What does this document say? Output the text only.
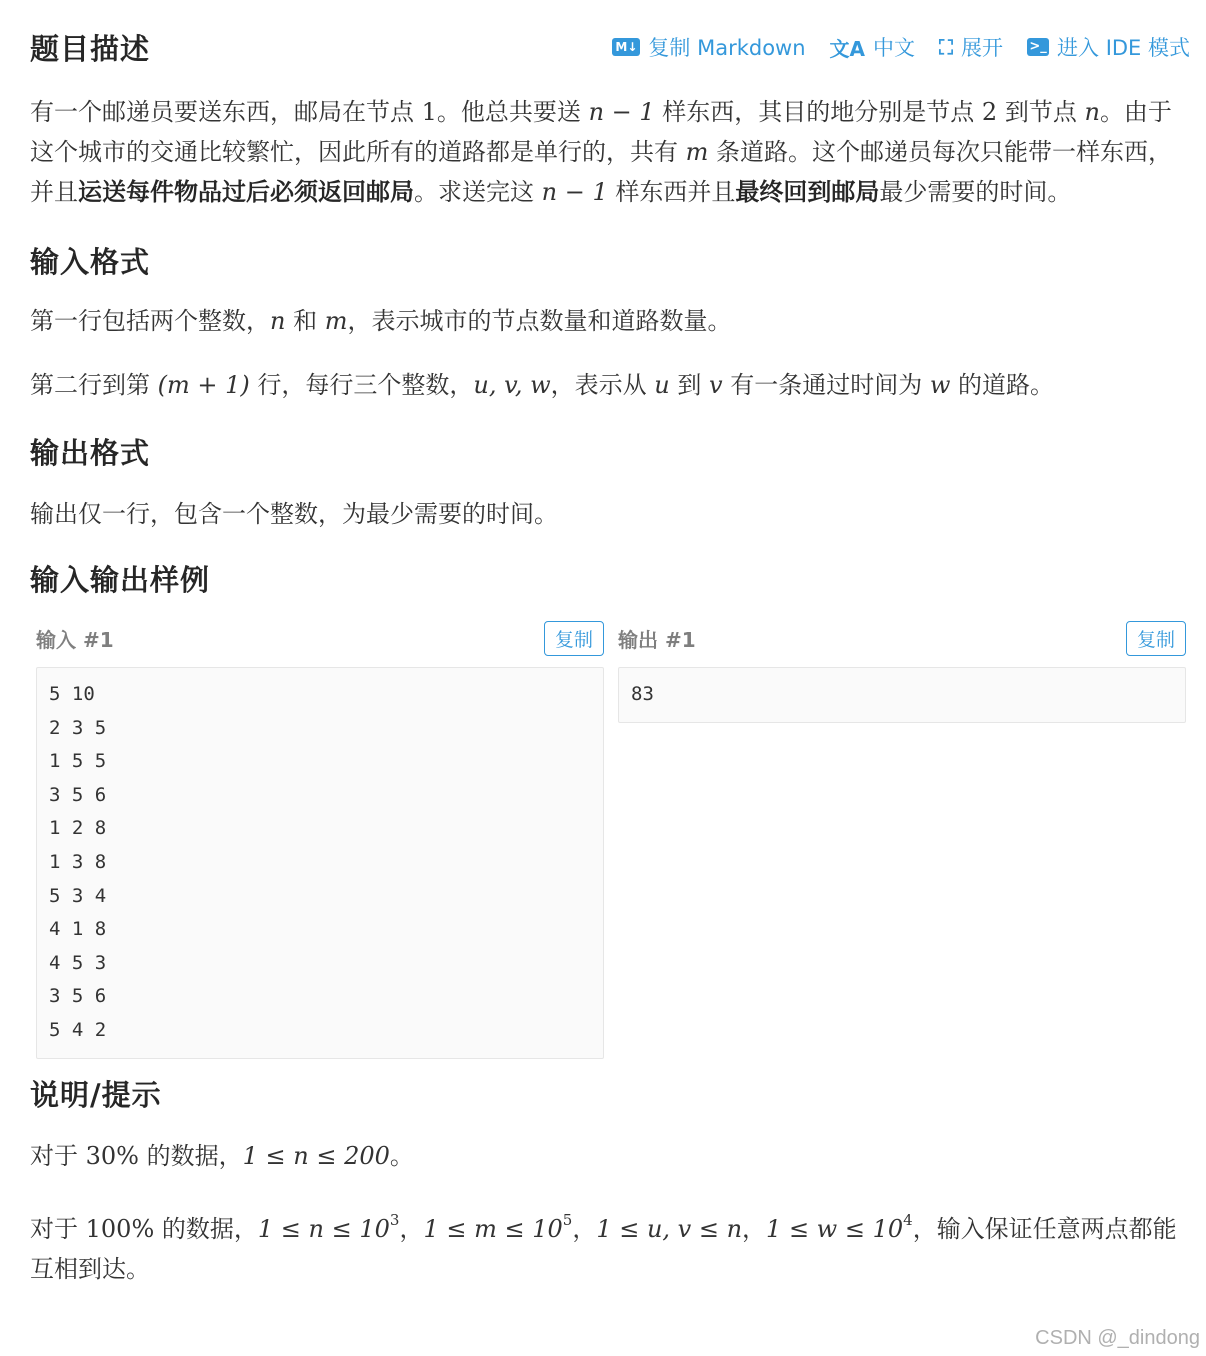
题目描述	M↓ 复制 Markdown 文A 中文 ⛶ 展开 >_ 进入 IDE 模式

有一个邮递员要送东西，邮局在节点 1。他总共要送 n − 1 样东西，其目的地分别是节点 2 到节点 n。由于这个城市的交通比较繁忙，因此所有的道路都是单行的，共有 m 条道路。这个邮递员每次只能带一样东西，并且运送每件物品过后必须返回邮局。求送完这 n − 1 样东西并且最终回到邮局最少需要的时间。

输入格式

第一行包括两个整数，n 和 m，表示城市的节点数量和道路数量。

第二行到第 (m + 1) 行，每行三个整数，u, v, w，表示从 u 到 v 有一条通过时间为 w 的道路。

输出格式

输出仅一行，包含一个整数，为最少需要的时间。

输入输出样例
输入 #1	复制
5 10
2 3 5
1 5 5
3 5 6
1 2 8
1 3 8
5 3 4
4 1 8
4 5 3
3 5 6
5 4 2
输出 #1	复制
83
说明/提示

对于 30% 的数据，1 ≤ n ≤ 200。

对于 100% 的数据，$1 \le n \le 10^3$，$1 \le m \le 10^5$，1 ≤ u, v ≤ n，$1 \le w \le 10^4$，输入保证任意两点都能互相到达。

CSDN @_dindong
